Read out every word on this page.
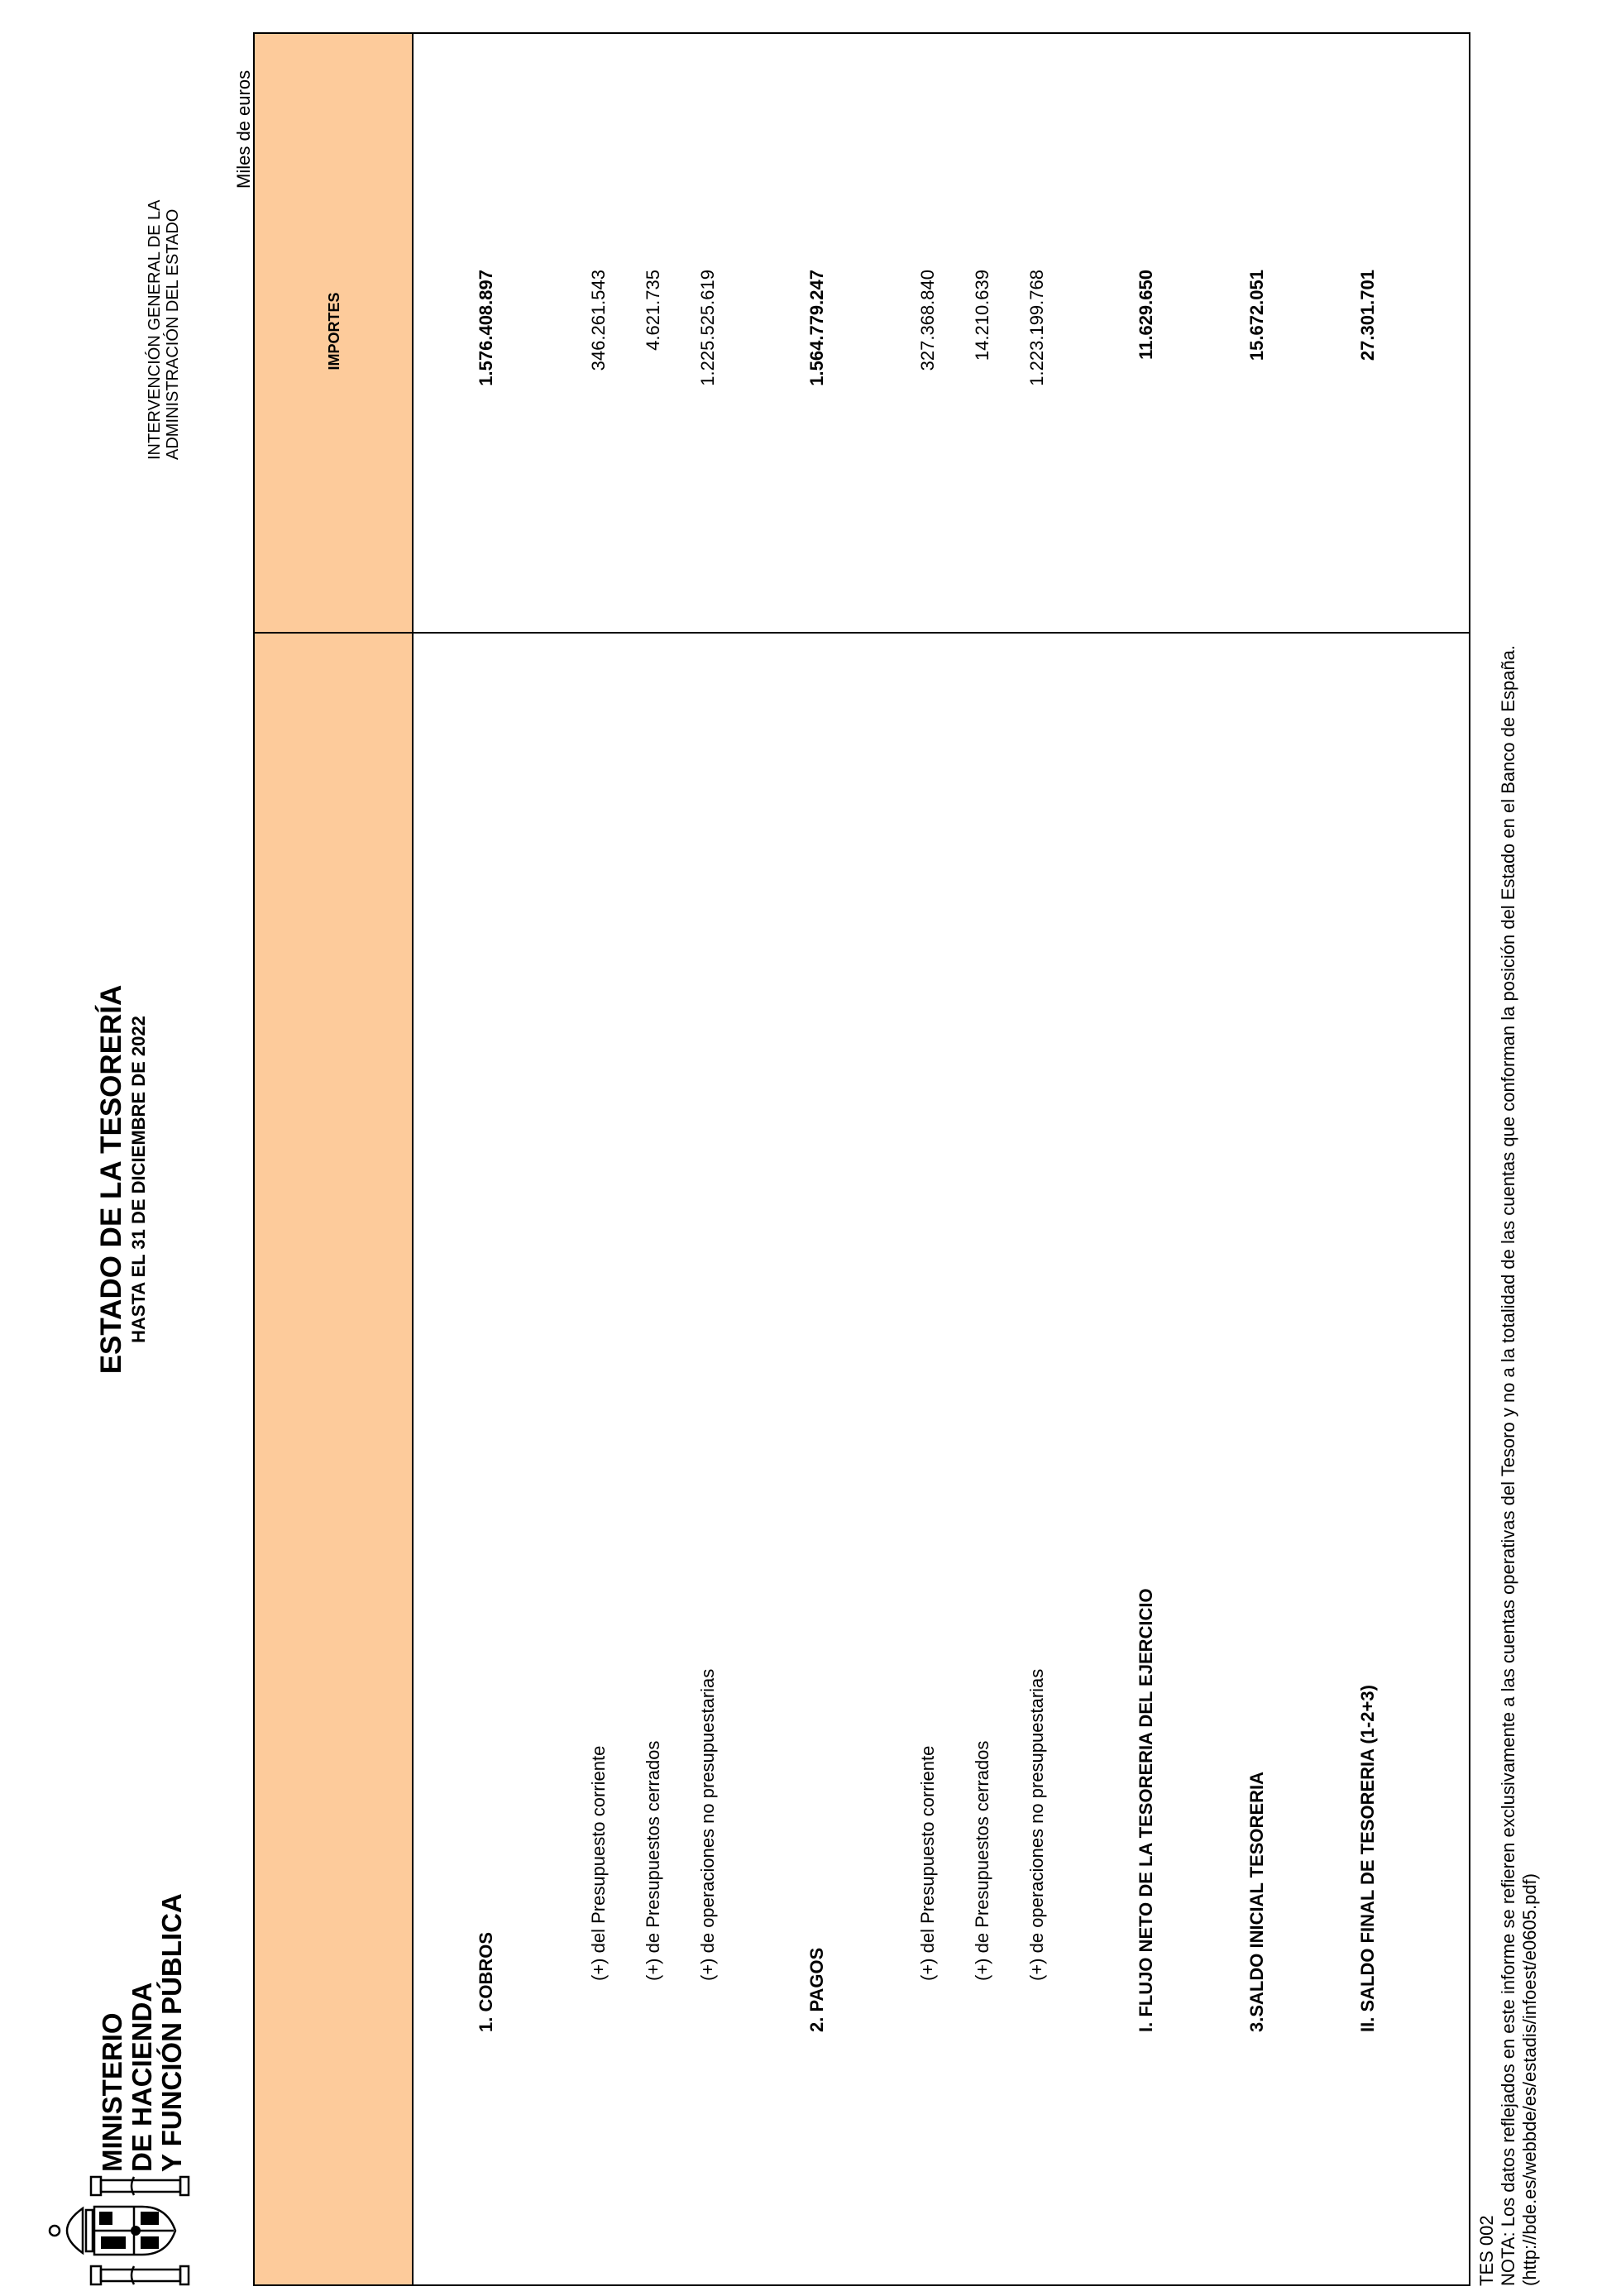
MINISTERIO DE HACIENDA Y FUNCIÓN PÚBLICA
ESTADO DE LA TESORERÍA HASTA EL 31 DE DICIEMBRE DE 2022
INTERVENCIÓN GENERAL DE LA ADMINISTRACIÓN DEL ESTADO
Miles de euros
IMPORTES
1. COBROS
1.576.408.897
(+) del Presupuesto corriente
346.261.543
(+) de Presupuestos cerrados
4.621.735
(+) de operaciones no presupuestarias
1.225.525.619
2. PAGOS
1.564.779.247
(+) del Presupuesto corriente
327.368.840
(+) de Presupuestos cerrados
14.210.639
(+) de operaciones no presupuestarias
1.223.199.768
I. FLUJO NETO DE LA TESORERIA DEL EJERCICIO
11.629.650
3.SALDO INICIAL TESORERIA
15.672.051
II. SALDO FINAL DE TESORERIA (1-2+3)
27.301.701
TES 002 NOTA: Los datos reflejados en este informe se refieren exclusivamente a las cuentas operativas del Tesoro y no a la totalidad de las cuentas que conforman la posición del Estado en el Banco de España. (http://bde.es/webbde/es/estadis/infoest/e0605.pdf)
